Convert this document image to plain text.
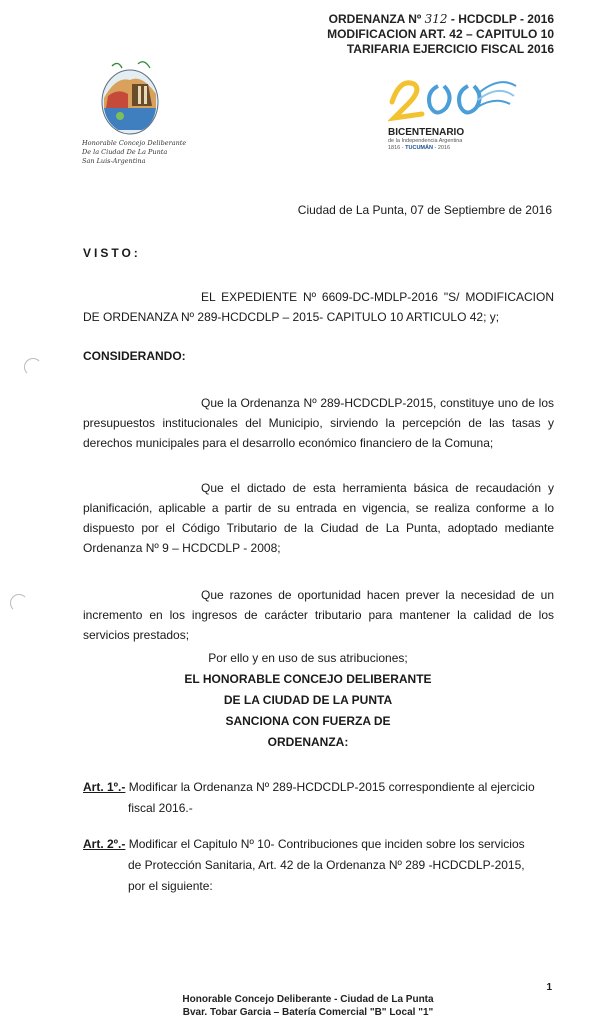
ORDENANZA Nº 312 - HCDCDLP - 2016
MODIFICACION ART. 42 – CAPITULO 10
TARIFARIA EJERCICIO FISCAL 2016
Honorable Concejo Deliberante
De la Ciudad De La Punta
San Luis-Argentina
200
BICENTENARIO
de la Independencia Argentina
1816 - TUCUMÁN - 2016
Ciudad de La Punta, 07 de Septiembre de 2016
VISTO:

EL EXPEDIENTE Nº 6609-DC-MDLP-2016 "S/ MODIFICACION DE ORDENANZA Nº 289-HCDCDLP – 2015- CAPITULO 10 ARTICULO 42; y;

CONSIDERANDO:

Que la Ordenanza Nº 289-HCDCDLP-2015, constituye uno de los presupuestos institucionales del Municipio, sirviendo la percepción de las tasas y derechos municipales para el desarrollo económico financiero de la Comuna;

Que el dictado de esta herramienta básica de recaudación y planificación, aplicable a partir de su entrada en vigencia, se realiza conforme a lo dispuesto por el Código Tributario de la Ciudad de La Punta, adoptado mediante Ordenanza Nº 9 – HCDCDLP - 2008;

Que razones de oportunidad hacen prever la necesidad de un incremento en los ingresos de carácter tributario para mantener la calidad de los servicios prestados;

Por ello y en uso de sus atribuciones;
EL HONORABLE CONCEJO DELIBERANTE
DE LA CIUDAD DE LA PUNTA
SANCIONA CON FUERZA DE
ORDENANZA:
Art. 1º.- Modificar la Ordenanza Nº 289-HCDCDLP-2015 correspondiente al ejercicio
fiscal 2016.-
Art. 2º.- Modificar el Capitulo Nº 10- Contribuciones que inciden sobre los servicios
de Protección Sanitaria, Art. 42 de la Ordenanza Nº 289 -HCDCDLP-2015,
por el siguiente:
1
Honorable Concejo Deliberante - Ciudad de La Punta
Bvar. Tobar Garcia – Batería Comercial "B" Local "1"
